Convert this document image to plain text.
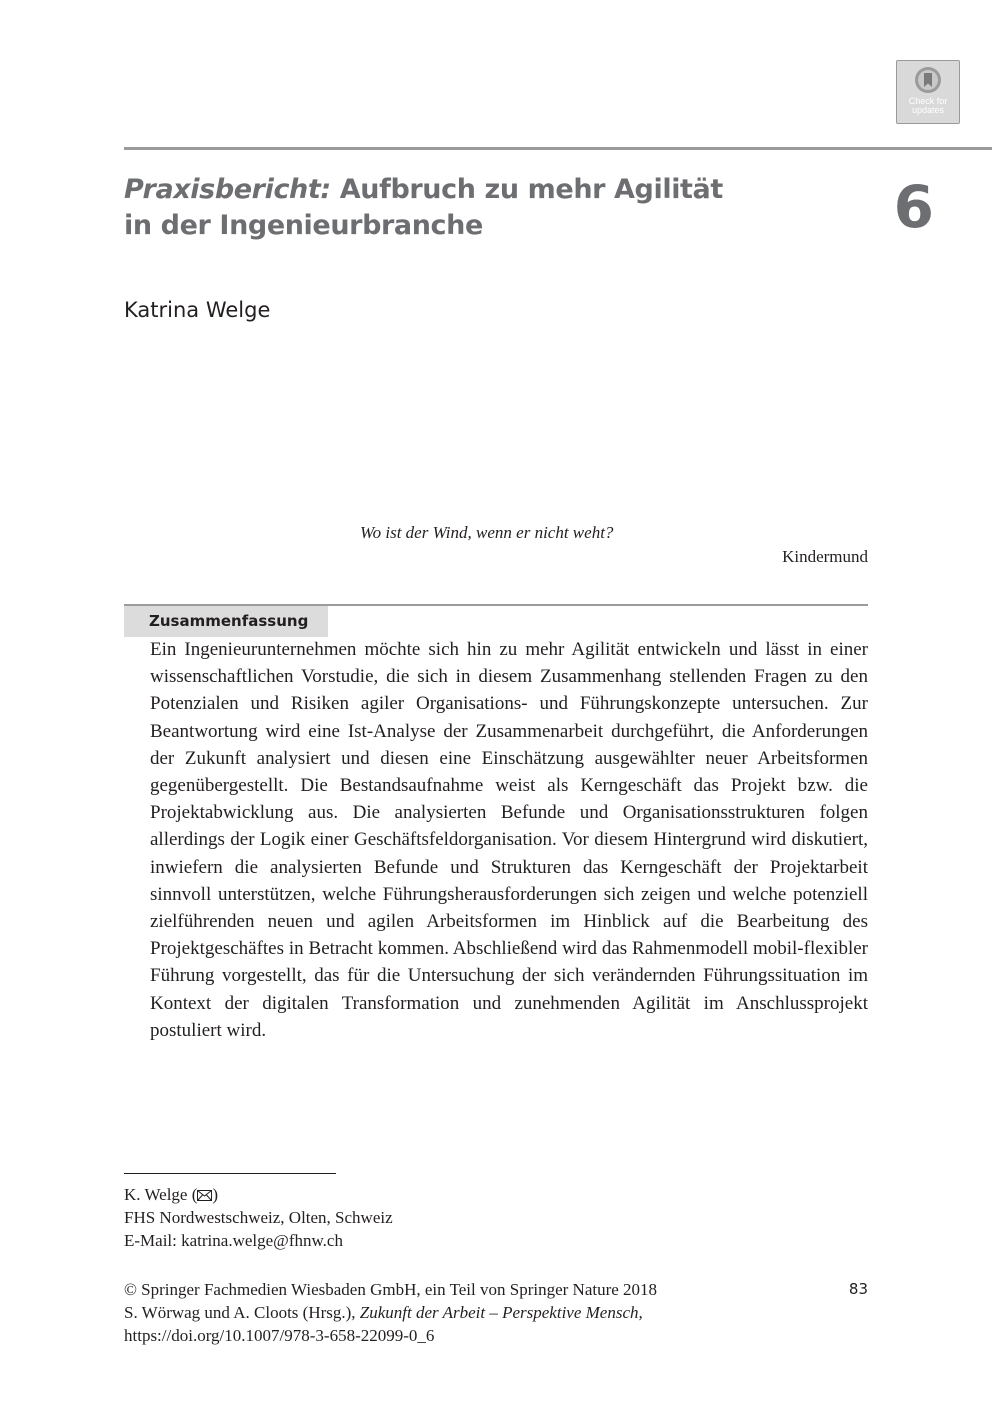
Check for
updates
Praxisbericht: Aufbruch zu mehr Agilität
in der Ingenieurbranche	6
Katrina Welge
Wo ist der Wind, wenn er nicht weht?
Kindermund
Zusammenfassung
Ein Ingenieurunternehmen möchte sich hin zu mehr Agilität entwickeln und lässt in einer wissenschaftlichen Vorstudie, die sich in diesem Zusammenhang stellenden Fragen zu den Potenzialen und Risiken agiler Organisations- und Führungskonzepte untersuchen. Zur Beantwortung wird eine Ist-Analyse der Zusammenarbeit durchgeführt, die Anforderungen der Zukunft analysiert und diesen eine Einschätzung ausgewählter neuer Arbeitsformen gegenübergestellt. Die Bestandsaufnahme weist als Kerngeschäft das Projekt bzw. die Projektabwicklung aus. Die analysierten Befunde und Organisationsstrukturen folgen allerdings der Logik einer Geschäftsfeldorganisation. Vor diesem Hintergrund wird diskutiert, inwiefern die analysierten Befunde und Strukturen das Kerngeschäft der Projektarbeit sinnvoll unterstützen, welche Führungsherausforderungen sich zeigen und welche potenziell zielführenden neuen und agilen Arbeitsformen im Hinblick auf die Bearbeitung des Projektgeschäftes in Betracht kommen. Abschließend wird das Rahmenmodell mobil-flexibler Führung vorgestellt, das für die Untersuchung der sich verändernden Führungssituation im Kontext der digitalen Transformation und zunehmenden Agilität im Anschlussprojekt postuliert wird.
K. Welge ( )
FHS Nordwestschweiz, Olten, Schweiz
E-Mail: katrina.welge@fhnw.ch
© Springer Fachmedien Wiesbaden GmbH, ein Teil von Springer Nature 2018
S. Wörwag und A. Cloots (Hrsg.), Zukunft der Arbeit – Perspektive Mensch,
https://doi.org/10.1007/978-3-658-22099-0_6
83
